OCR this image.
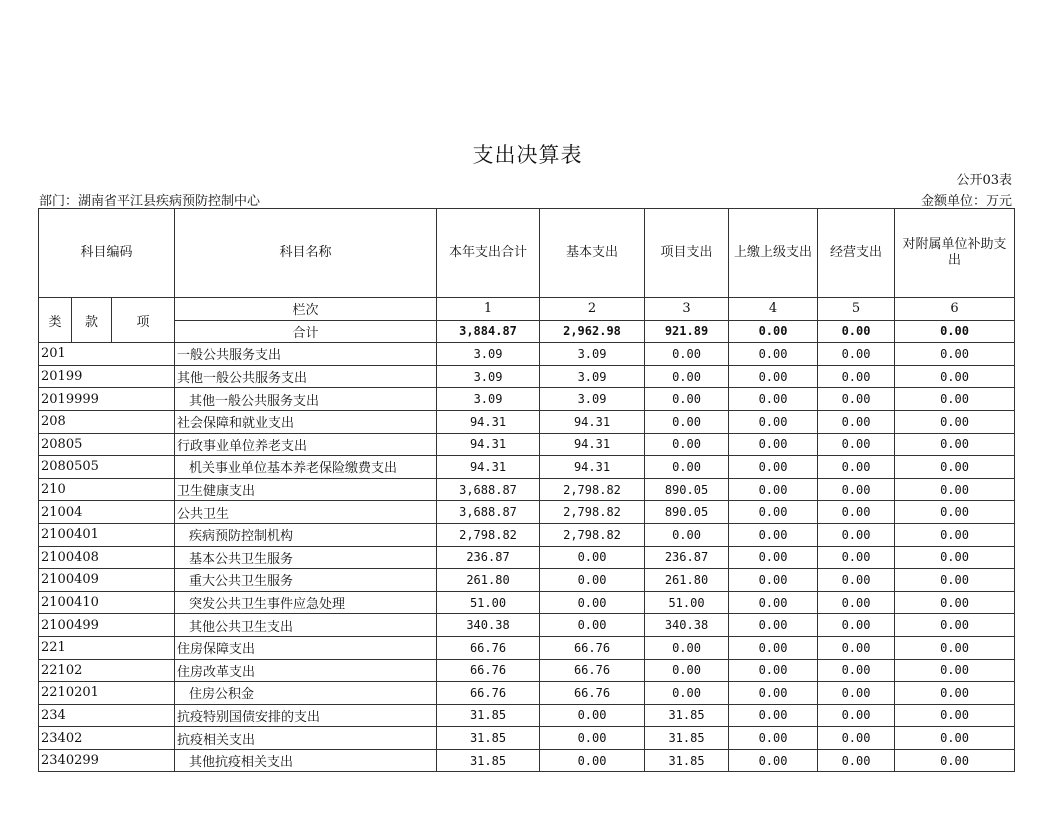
支出决算表
公开03表
部门：湖南省平江县疾病预防控制中心	金额单位：万元
科目编码			科目名称	本年支出合计	基本支出	项目支出	上缴上级支出	经营支出	对附属单位补助支出
类	款	项	栏次	1	2	3	4	5	6
			合计	3,884.87	2,962.98	921.89	0.00	0.00	0.00
201			一般公共服务支出	3.09	3.09	0.00	0.00	0.00	0.00
20199			其他一般公共服务支出	3.09	3.09	0.00	0.00	0.00	0.00
2019999			其他一般公共服务支出	3.09	3.09	0.00	0.00	0.00	0.00
208			社会保障和就业支出	94.31	94.31	0.00	0.00	0.00	0.00
20805			行政事业单位养老支出	94.31	94.31	0.00	0.00	0.00	0.00
2080505			机关事业单位基本养老保险缴费支出	94.31	94.31	0.00	0.00	0.00	0.00
210			卫生健康支出	3,688.87	2,798.82	890.05	0.00	0.00	0.00
21004			公共卫生	3,688.87	2,798.82	890.05	0.00	0.00	0.00
2100401			疾病预防控制机构	2,798.82	2,798.82	0.00	0.00	0.00	0.00
2100408			基本公共卫生服务	236.87	0.00	236.87	0.00	0.00	0.00
2100409			重大公共卫生服务	261.80	0.00	261.80	0.00	0.00	0.00
2100410			突发公共卫生事件应急处理	51.00	0.00	51.00	0.00	0.00	0.00
2100499			其他公共卫生支出	340.38	0.00	340.38	0.00	0.00	0.00
221			住房保障支出	66.76	66.76	0.00	0.00	0.00	0.00
22102			住房改革支出	66.76	66.76	0.00	0.00	0.00	0.00
2210201			住房公积金	66.76	66.76	0.00	0.00	0.00	0.00
234			抗疫特别国债安排的支出	31.85	0.00	31.85	0.00	0.00	0.00
23402			抗疫相关支出	31.85	0.00	31.85	0.00	0.00	0.00
2340299			其他抗疫相关支出	31.85	0.00	31.85	0.00	0.00	0.00
